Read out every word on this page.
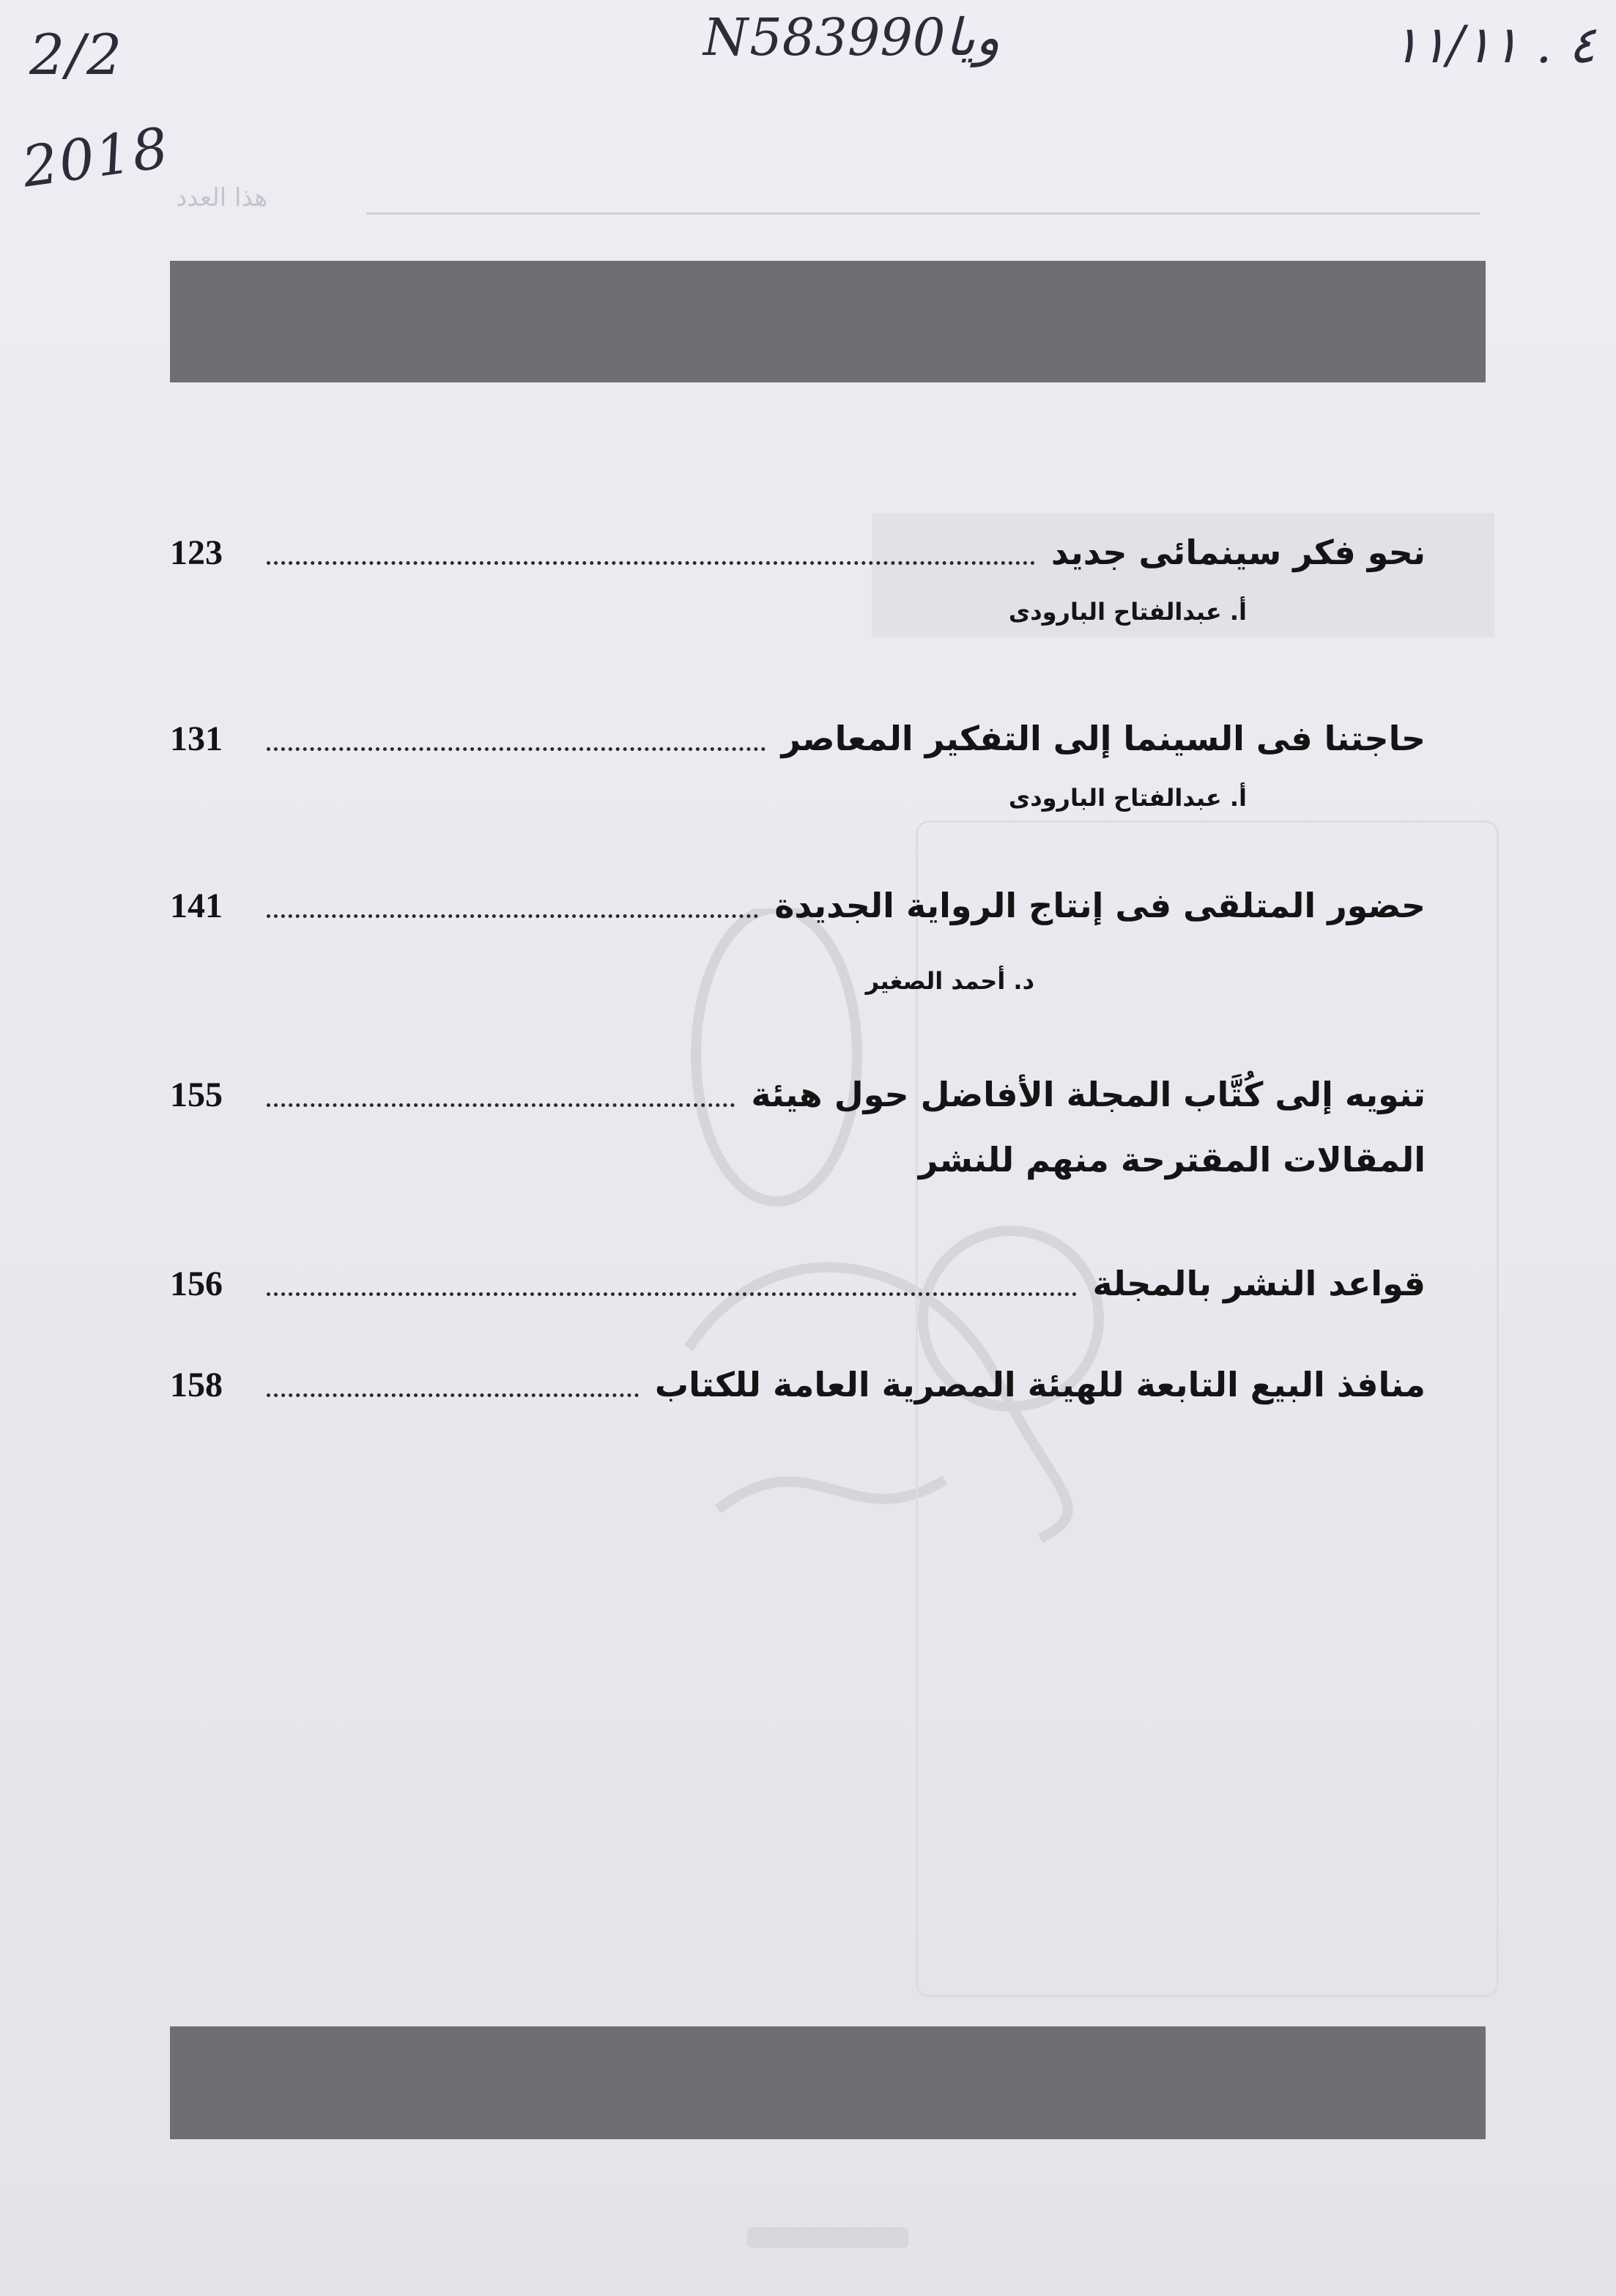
2/2
2018
Nویا583990	٤ . ١١/١١
هذا العدد
نحو فكر سينمائى جديد
123
أ. عبدالفتاح البارودى
حاجتنا فى السينما إلى التفكير المعاصر
131
أ. عبدالفتاح البارودى
حضور المتلقى فى إنتاج الرواية الجديدة
141
د. أحمد الصغير
تنويه إلى كُتَّاب المجلة الأفاضل حول هيئة
155
المقالات المقترحة منهم للنشر
قواعد النشر بالمجلة
156
منافذ البيع التابعة للهيئة المصرية العامة للكتاب
158
